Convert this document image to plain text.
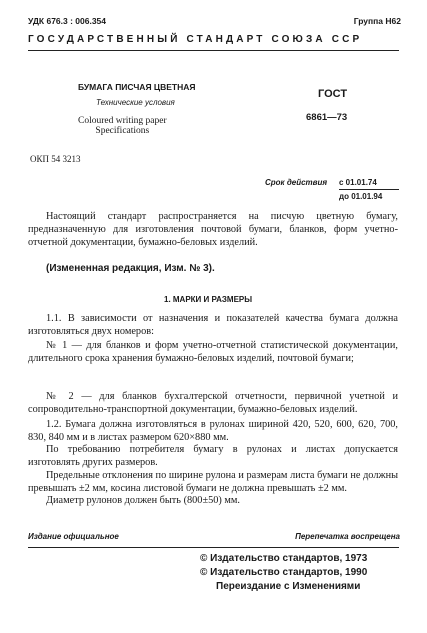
УДК 676.3 : 006.354	Группа Н62
ГОСУДАРСТВЕННЫЙ СТАНДАРТ СОЮЗА ССР
БУМАГА ПИСЧАЯ ЦВЕТНАЯ
Технические условия
Coloured writing paper
Specifications
ГОСТ
6861—73
ОКП 54 3213
Срок действия с 01.01.74
до 01.01.94

Настоящий стандарт распространяется на писчую цветную бумагу, предназначенную для изготовления почтовой бумаги, бланков, форм учетно-отчетной документации, бумажно-беловых изделий.

(Измененная редакция, Изм. № 3).
1. МАРКИ И РАЗМЕРЫ

1.1. В зависимости от назначения и показателей качества бумага должна изготовляться двух номеров:

№ 1 — для бланков и форм учетно-отчетной статистической документации, длительного срока хранения бумажно-беловых изделий, почтовой бумаги;

№ 2 — для бланков бухгалтерской отчетности, первичной учетной и сопроводительно-транспортной документации, бумажно-беловых изделий.

1.2. Бумага должна изготовляться в рулонах шириной 420, 520, 600, 620, 700, 830, 840 мм и в листах размером 620×880 мм.

По требованию потребителя бумагу в рулонах и листах допускается изготовлять других размеров.

Предельные отклонения по ширине рулона и размерам листа бумаги не должны превышать ±2 мм, косина листовой бумаги не должна превышать ±2 мм.

Диаметр рулонов должен быть (800±50) мм.

Издание официальное	Перепечатка воспрещена
© Издательство стандартов, 1973
© Издательство стандартов, 1990
Переиздание с Изменениями
